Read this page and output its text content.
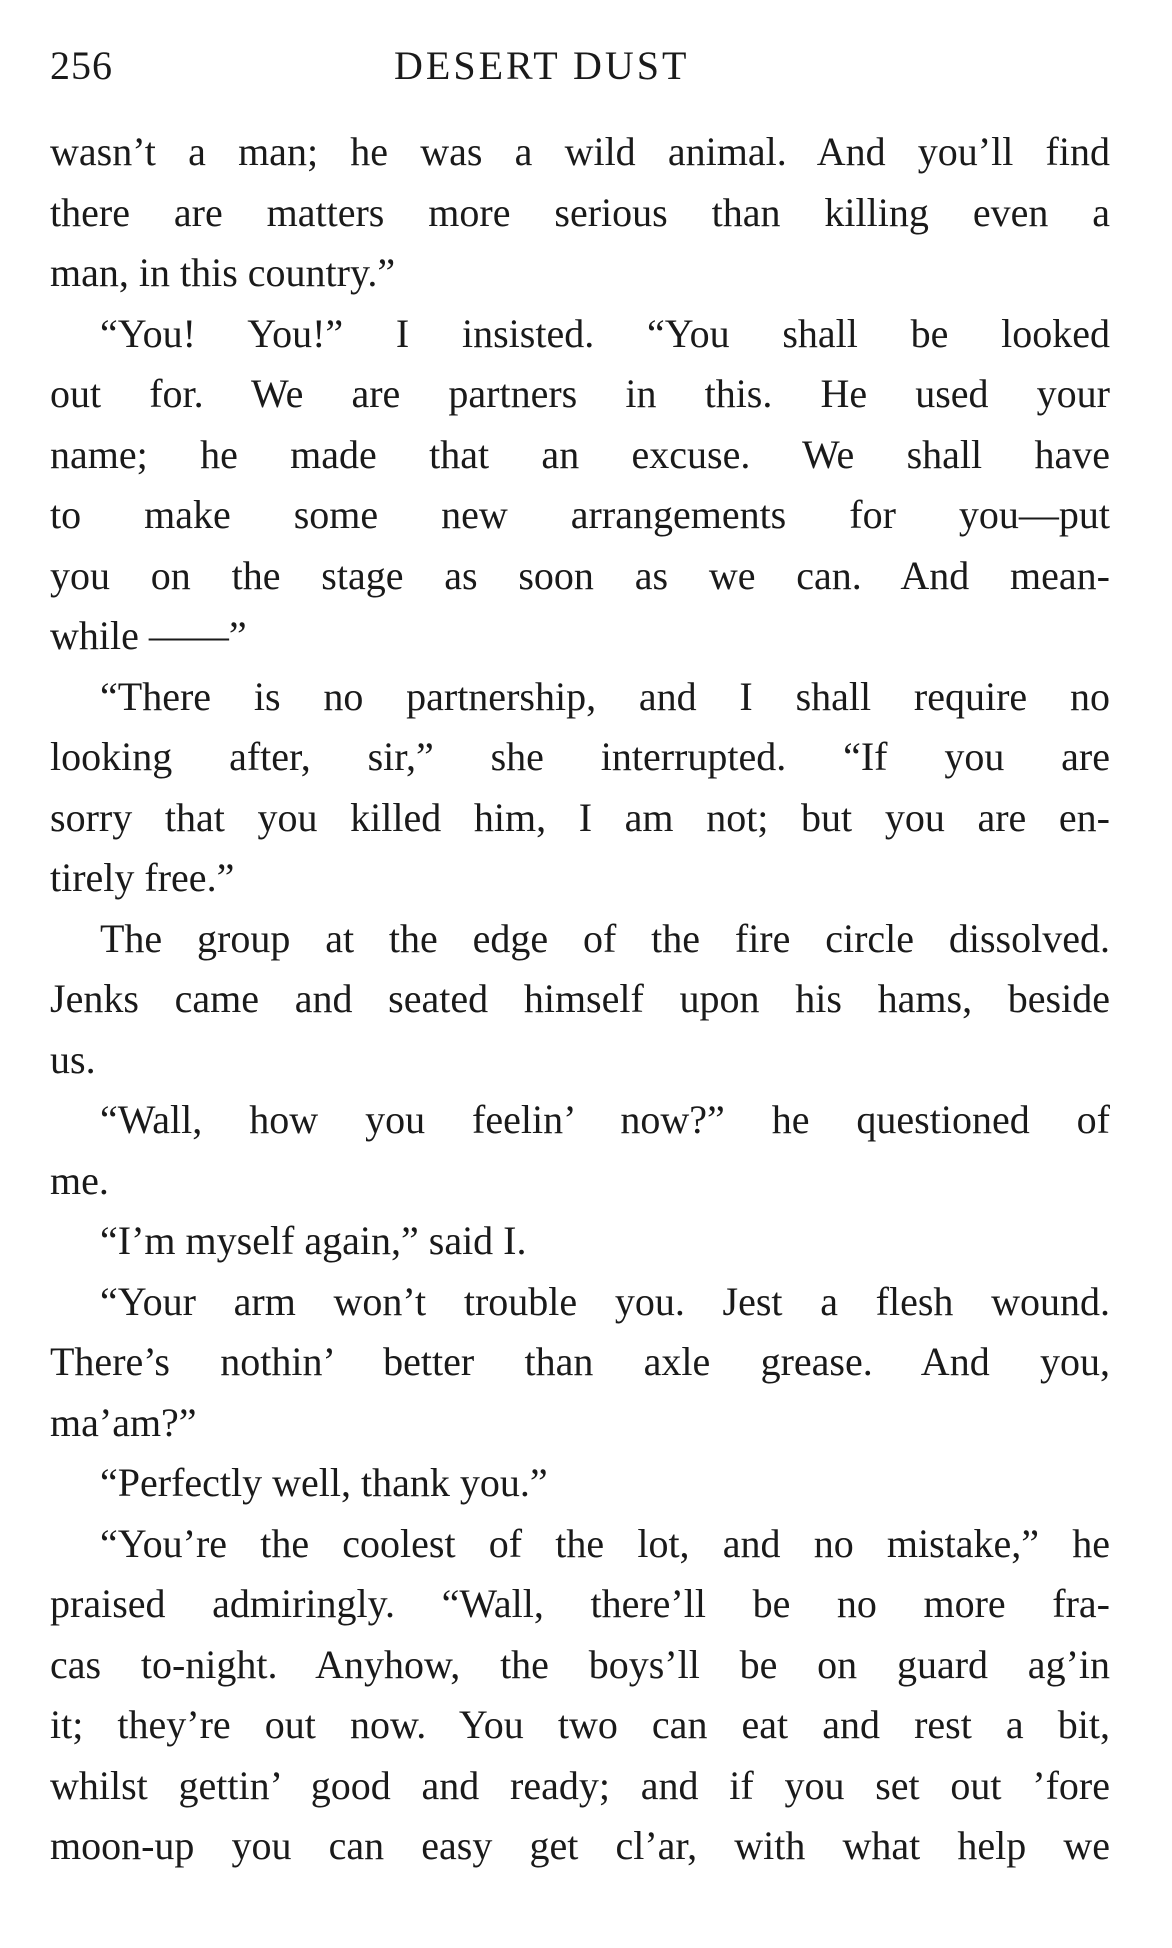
256	DESERT DUST
wasn’t a man; he was a wild animal. And you’ll find
there are matters more serious than killing even a
man, in this country.”
“You! You!” I insisted. “You shall be looked
out for. We are partners in this. He used your
name; he made that an excuse. We shall have
to make some new arrangements for you—put
you on the stage as soon as we can. And mean-
while ——”
“There is no partnership, and I shall require no
looking after, sir,” she interrupted. “If you are
sorry that you killed him, I am not; but you are en-
tirely free.”
The group at the edge of the fire circle dissolved.
Jenks came and seated himself upon his hams, beside
us.
“Wall, how you feelin’ now?” he questioned of
me.
“I’m myself again,” said I.
“Your arm won’t trouble you. Jest a flesh wound.
There’s nothin’ better than axle grease. And you,
ma’am?”
“Perfectly well, thank you.”
“You’re the coolest of the lot, and no mistake,” he
praised admiringly. “Wall, there’ll be no more fra-
cas to-night. Anyhow, the boys’ll be on guard ag’in
it; they’re out now. You two can eat and rest a bit,
whilst gettin’ good and ready; and if you set out ’fore
moon-up you can easy get cl’ar, with what help we
